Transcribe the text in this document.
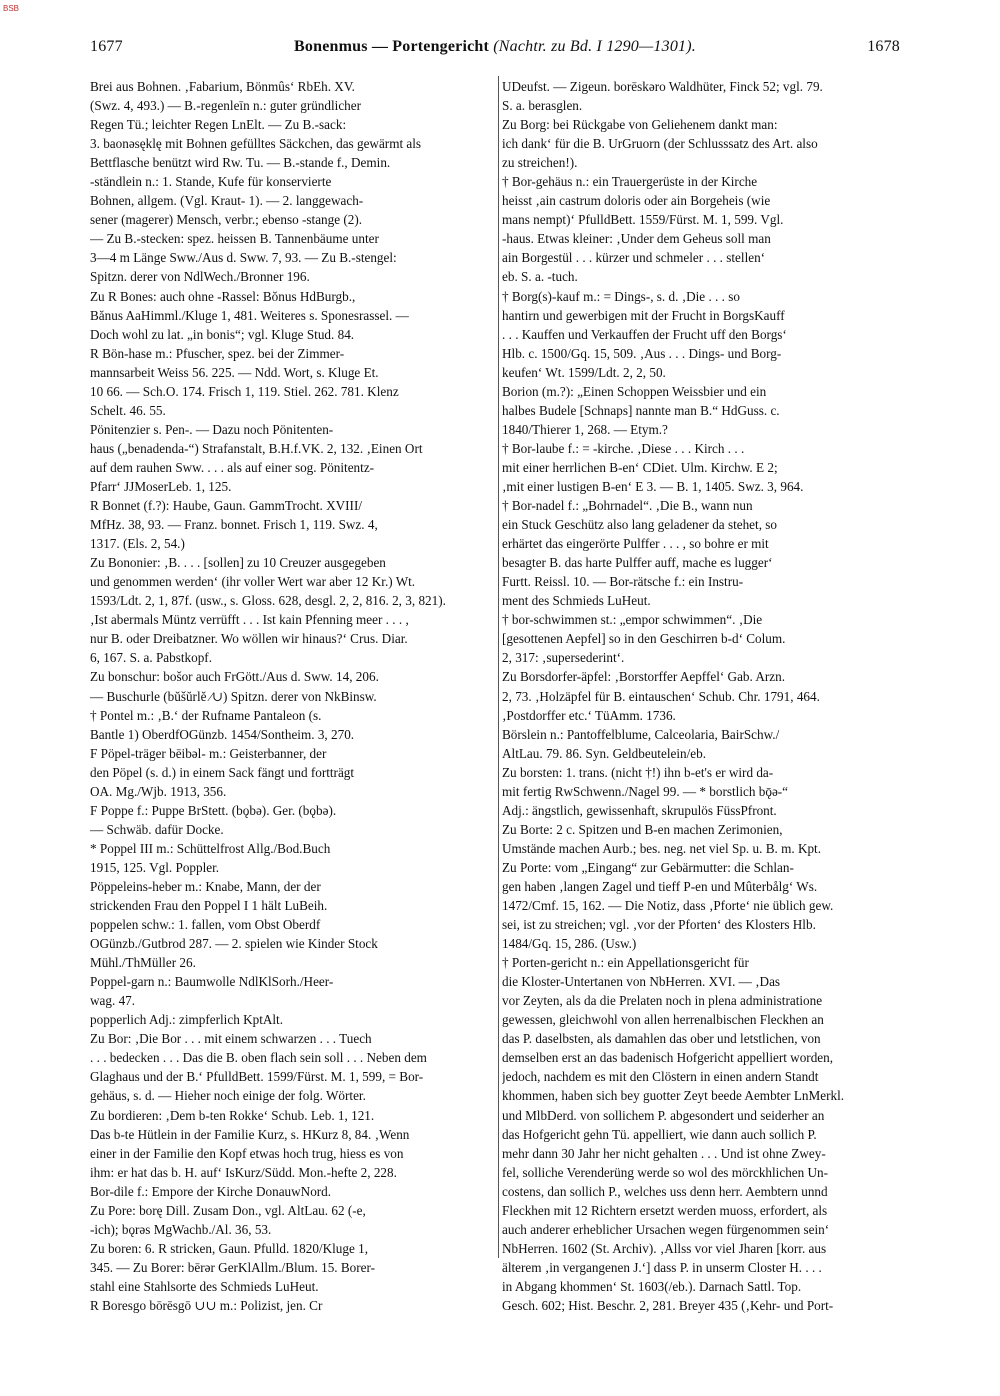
BSB
1677	Bonenmus — Portengericht (Nachtr. zu Bd. I 1290—1301).	1678
Brei aus Bohnen. ‚Fabarium, Bönmûs‘ RbEh. XV.
(Swz. 4, 493.) — B.-regenleīn n.: guter gründlicher
Regen Tü.; leichter Regen LnElt. — Zu B.-sack:
3. baonəsęklę mit Bohnen gefülltes Säckchen, das gewärmt als
Bettflasche benützt wird Rw. Tu. — B.-stande f., Demin.
-ständlein n.: 1. Stande, Kufe für konservierte
Bohnen, allgem. (Vgl. Kraut- 1). — 2. langgewach-
sener (magerer) Mensch, verbr.; ebenso -stange (2).
— Zu B.-stecken: spez. heissen B. Tannenbäume unter
3—4 m Länge Sww./Aus d. Sww. 7, 93. — Zu B.-stengel:
Spitzn. derer von NdlWech./Bronner 196.
Zu R Bones: auch ohne -Rassel: Bŏnus HdBurgb.,
Bănus AaHimml./Kluge 1, 481. Weiteres s. Sponesrassel. —
Doch wohl zu lat. „in bonis“; vgl. Kluge Stud. 84.
R Bön-hase m.: Pfuscher, spez. bei der Zimmer-
mannsarbeit Weiss 56. 225. — Ndd. Wort, s. Kluge Et.
10 66. — Sch.O. 174. Frisch 1, 119. Stiel. 262. 781. Klenz
Schelt. 46. 55.
Pönitenzier s. Pen-. — Dazu noch Pönitenten-
haus („benadenda-“) Strafanstalt, B.H.f.VK. 2, 132. ‚Einen Ort
auf dem rauhen Sww. . . . als auf einer sog. Pönitentz-
Pfarr‘ JJMoserLeb. 1, 125.
R Bonnet (f.?): Haube, Gaun. GammTrocht. XVIII/
MfHz. 38, 93. — Franz. bonnet. Frisch 1, 119. Swz. 4,
1317. (Els. 2, 54.)
Zu Bononier: ‚B. . . . [sollen] zu 10 Creuzer ausgegeben
und genommen werden‘ (ihr voller Wert war aber 12 Kr.) Wt.
1593/Ldt. 2, 1, 87f. (usw., s. Gloss. 628, desgl. 2, 2, 816. 2, 3, 821).
‚Ist abermals Müntz verrüfft . . . Ist kain Pfenning meer . . . ,
nur B. oder Dreibatzner. Wo wöllen wir hinaus?‘ Crus. Diar.
6, 167. S. a. Pabstkopf.
Zu bonschur: bošor auch FrGött./Aus d. Sww. 14, 206.
— Buschurle (bŭšŭrlĕ ∕∪) Spitzn. derer von NkBinsw.
† Pontel m.: ‚B.‘ der Rufname Pantaleon (s.
Bantle 1) OberdfOGünzb. 1454/Sontheim. 3, 270.
F Pöpel-träger bēibəl- m.: Geisterbanner, der
den Pöpel (s. d.) in einem Sack fängt und fortträgt
OA. Mg./Wjb. 1913, 356.
F Poppe f.: Puppe BrStett. (bǫbə). Ger. (bǫbə).
— Schwäb. dafür Docke.
* Poppel III m.: Schüttelfrost Allg./Bod.Buch
1915, 125. Vgl. Poppler.
Pöppeleins-heber m.: Knabe, Mann, der der
strickenden Frau den Poppel I 1 hält LuBeih.
poppelen schw.: 1. fallen, vom Obst Oberdf
OGünzb./Gutbrod 287. — 2. spielen wie Kinder Stock
Mühl./ThMüller 26.
Poppel-garn n.: Baumwolle NdlKlSorh./Heer-
wag. 47.
popperlich Adj.: zimpferlich KptAlt.
Zu Bor: ‚Die Bor . . . mit einem schwarzen . . . Tuech
. . . bedecken . . . Das die B. oben flach sein soll . . . Neben dem
Glaghaus und der B.‘ PfulldBett. 1599/Fürst. M. 1, 599, = Bor-
gehäus, s. d. — Hieher noch einige der folg. Wörter.
Zu bordieren: ‚Dem b-ten Rokke‘ Schub. Leb. 1, 121.
Das b-te Hütlein in der Familie Kurz, s. HKurz 8, 84. ‚Wenn
einer in der Familie den Kopf etwas hoch trug, hiess es von
ihm: er hat das b. H. auf‘ IsKurz/Südd. Mon.-hefte 2, 228.
Bor-dile f.: Empore der Kirche DonauwNord.
Zu Pore: borę Dill. Zusam Don., vgl. AltLau. 62 (-e,
-ich); bǫrəs MgWachb./Al. 36, 53.
Zu boren: 6. R stricken, Gaun. Pfulld. 1820/Kluge 1,
345. — Zu Borer: bērər GerKlAllm./Blum. 15. Borer-
stahl eine Stahlsorte des Schmieds LuHeut.
R Boresgo bōrēsgō ∪∪ m.: Polizist, jen. Cr
UDeufst. — Zigeun. borēskəro Waldhüter, Finck 52; vgl. 79.
S. a. berasglen.
Zu Borg: bei Rückgabe von Geliehenem dankt man:
ich dank‘ für die B. UrGruorn (der Schlusssatz des Art. also
zu streichen!).
† Bor-gehäus n.: ein Trauergerüste in der Kirche
heisst ‚ain castrum doloris oder ain Borgeheis (wie
mans nempt)‘ PfulldBett. 1559/Fürst. M. 1, 599. Vgl.
-haus. Etwas kleiner: ‚Under dem Geheus soll man
ain Borgestül . . . kürzer und schmeler . . . stellen‘
eb. S. a. -tuch.
† Borg(s)-kauf m.: = Dings-, s. d. ‚Die . . . so
hantirn und gewerbigen mit der Frucht in BorgsKauff
. . . Kauffen und Verkauffen der Frucht uff den Borgs‘
Hlb. c. 1500/Gq. 15, 509. ‚Aus . . . Dings- und Borg-
keufen‘ Wt. 1599/Ldt. 2, 2, 50.
Borion (m.?): „Einen Schoppen Weissbier und ein
halbes Budele [Schnaps] nannte man B.“ HdGuss. c.
1840/Thierer 1, 268. — Etym.?
† Bor-laube f.: = -kirche. ‚Diese . . . Kirch . . .
mit einer herrlichen B-en‘ CDiet. Ulm. Kirchw. E 2;
‚mit einer lustigen B-en‘ E 3. — B. 1, 1405. Swz. 3, 964.
† Bor-nadel f.: „Bohrnadel“. ‚Die B., wann nun
ein Stuck Geschütz also lang geladener da stehet, so
erhärtet das eingerörte Pulffer . . . , so bohre er mit
besagter B. das harte Pulffer auff, mache es lugger‘
Furtt. Reissl. 10. — Bor-rätsche f.: ein Instru-
ment des Schmieds LuHeut.
† bor-schwimmen st.: „empor schwimmen“. ‚Die
[gesottenen Aepfel] so in den Geschirren b-d‘ Colum.
2, 317: ‚supersederint‘.
Zu Borsdorfer-äpfel: ‚Borstorffer Aepffel‘ Gab. Arzn.
2, 73. ‚Holzäpfel für B. eintauschen‘ Schub. Chr. 1791, 464.
‚Postdorffer etc.‘ TüAmm. 1736.
Börslein n.: Pantoffelblume, Calceolaria, BairSchw./
AltLau. 79. 86. Syn. Geldbeutelein/eb.
Zu borsten: 1. trans. (nicht †!) ihn b-et's er wird da-
mit fertig RwSchwenn./Nagel 99. — * borstlich bǭə-“
Adj.: ängstlich, gewissenhaft, skrupulös FüssPfront.
Zu Borte: 2 c. Spitzen und B-en machen Zerimonien,
Umstände machen Aurb.; bes. neg. net viel Sp. u. B. m. Kpt.
Zu Porte: vom „Eingang“ zur Gebärmutter: die Schlan-
gen haben ‚langen Zagel und tieff P-en und Mûterbålg‘ Ws.
1472/Cmf. 15, 162. — Die Notiz, dass ‚Pforte‘ nie üblich gew.
sei, ist zu streichen; vgl. ‚vor der Pforten‘ des Klosters Hlb.
1484/Gq. 15, 286. (Usw.)
† Porten-gericht n.: ein Appellationsgericht für
die Kloster-Untertanen von NbHerren. XVI. — ‚Das
vor Zeyten, als da die Prelaten noch in plena administratione
gewessen, gleichwohl von allen herrenalbischen Fleckhen an
das P. daselbsten, als damahlen das ober und letstlichen, von
demselben erst an das badenisch Hofgericht appelliert worden,
jedoch, nachdem es mit den Clöstern in einen andern Standt
khommen, haben sich bey guotter Zeyt beede Aembter LnMerkl.
und MlbDerd. von sollichem P. abgesondert und seiderher an
das Hofgericht gehn Tü. appelliert, wie dann auch sollich P.
mehr dann 30 Jahr her nicht gehalten . . . Und ist ohne Zwey-
fel, solliche Verenderüng werde so wol des mörckhlichen Un-
costens, dan sollich P., welches uss denn herr. Aembtern unnd
Fleckhen mit 12 Richtern ersetzt werden muoss, erfordert, als
auch anderer erheblicher Ursachen wegen fürgenommen sein‘
NbHerren. 1602 (St. Archiv). ‚Allss vor viel Jharen [korr. aus
älterem ‚in vergangenen J.‘] dass P. in unserm Closter H. . . .
in Abgang khommen‘ St. 1603(/eb.). Darnach Sattl. Top.
Gesch. 602; Hist. Beschr. 2, 281. Breyer 435 (‚Kehr- und Port-
